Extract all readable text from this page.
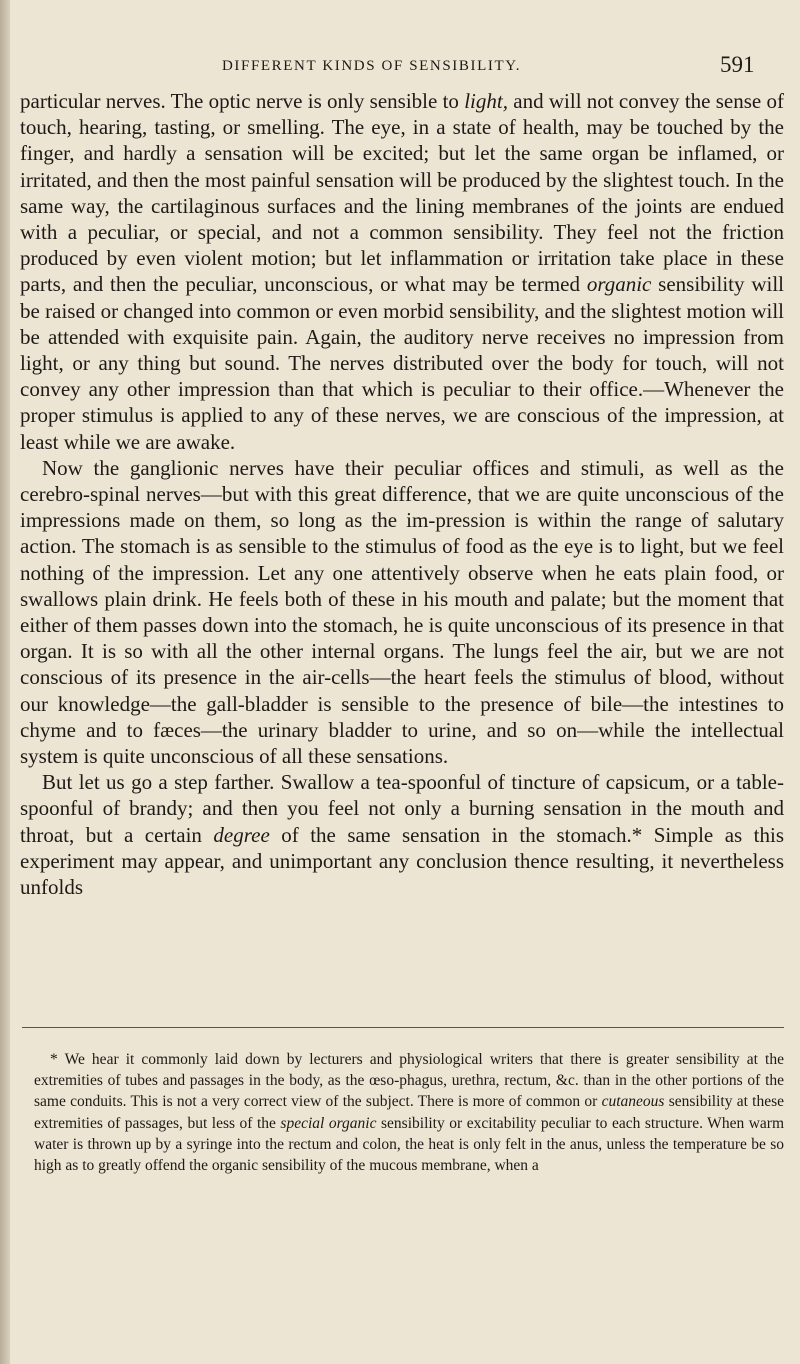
DIFFERENT KINDS OF SENSIBILITY.	591

particular nerves. The optic nerve is only sensible to light, and will not convey the sense of touch, hearing, tasting, or smelling. The eye, in a state of health, may be touched by the finger, and hardly a sensation will be excited; but let the same organ be inflamed, or irritated, and then the most painful sensation will be produced by the slightest touch. In the same way, the cartilaginous surfaces and the lining membranes of the joints are endued with a peculiar, or special, and not a common sensibility. They feel not the friction produced by even violent motion; but let inflammation or irritation take place in these parts, and then the peculiar, unconscious, or what may be termed organic sensibility will be raised or changed into common or even morbid sensibility, and the slightest motion will be attended with exquisite pain. Again, the auditory nerve receives no impression from light, or any thing but sound. The nerves distributed over the body for touch, will not convey any other impression than that which is peculiar to their office.—Whenever the proper stimulus is applied to any of these nerves, we are conscious of the impression, at least while we are awake.

Now the ganglionic nerves have their peculiar offices and stimuli, as well as the cerebro-spinal nerves—but with this great difference, that we are quite unconscious of the impressions made on them, so long as the im-pression is within the range of salutary action. The stomach is as sensible to the stimulus of food as the eye is to light, but we feel nothing of the impression. Let any one attentively observe when he eats plain food, or swallows plain drink. He feels both of these in his mouth and palate; but the moment that either of them passes down into the stomach, he is quite unconscious of its presence in that organ. It is so with all the other internal organs. The lungs feel the air, but we are not conscious of its presence in the air-cells—the heart feels the stimulus of blood, without our knowledge—the gall-bladder is sensible to the presence of bile—the intestines to chyme and to fæces—the urinary bladder to urine, and so on—while the intellectual system is quite unconscious of all these sensations.

But let us go a step farther. Swallow a tea-spoonful of tincture of capsicum, or a table-spoonful of brandy; and then you feel not only a burning sensation in the mouth and throat, but a certain degree of the same sensation in the stomach.* Simple as this experiment may appear, and unimportant any conclusion thence resulting, it nevertheless unfolds

* We hear it commonly laid down by lecturers and physiological writers that there is greater sensibility at the extremities of tubes and passages in the body, as the œso-phagus, urethra, rectum, &c. than in the other portions of the same conduits. This is not a very correct view of the subject. There is more of common or cutaneous sensibility at these extremities of passages, but less of the special organic sensibility or excitability peculiar to each structure. When warm water is thrown up by a syringe into the rectum and colon, the heat is only felt in the anus, unless the temperature be so high as to greatly offend the organic sensibility of the mucous membrane, when a
